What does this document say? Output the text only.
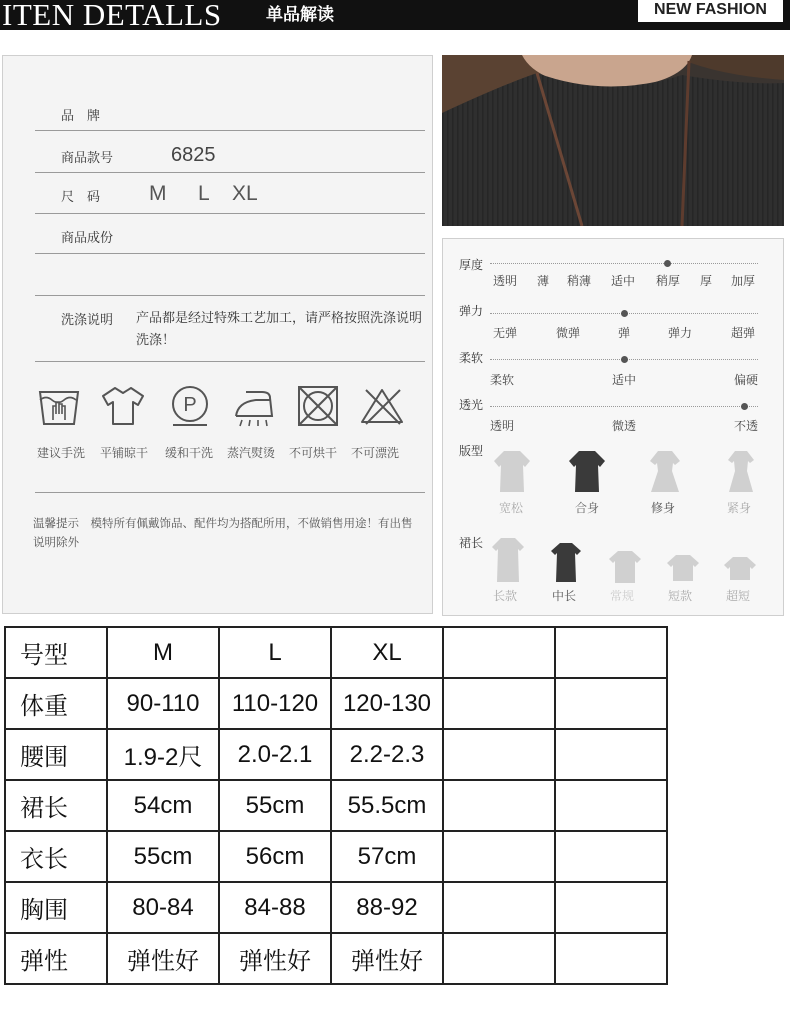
ITEN DETALLS	单品解读	NEW FASHION
品　牌
商品款号	6825
尺　码 M L XL
商品成份
洗涤说明 产品都是经过特殊工艺加工，请严格按照洗涤说明洗涤！
P
建议手洗 平铺晾干 缓和干洗 蒸汽熨烫 不可烘干 不可漂洗
温馨提示　模特所有佩戴饰品、配件均为搭配所用，不做销售用途！有出售说明除外
厚度
透明 薄 稍薄 适中 稍厚 厚 加厚
弹力
无弹	微弹	弹	弹力	超弹
柔软
柔软	适中	偏硬
透光
透明	微透	不透
版型
宽松	合身	修身	紧身
裙长
长款	中长	常规	短款	超短
号型	M	L	XL		
体重	90-110	110-120	120-130		
腰围	1.9-2尺	2.0-2.1	2.2-2.3		
裙长	54cm	55cm	55.5cm		
衣长	55cm	56cm	57cm		
胸围	80-84	84-88	88-92		
弹性	弹性好	弹性好	弹性好		
